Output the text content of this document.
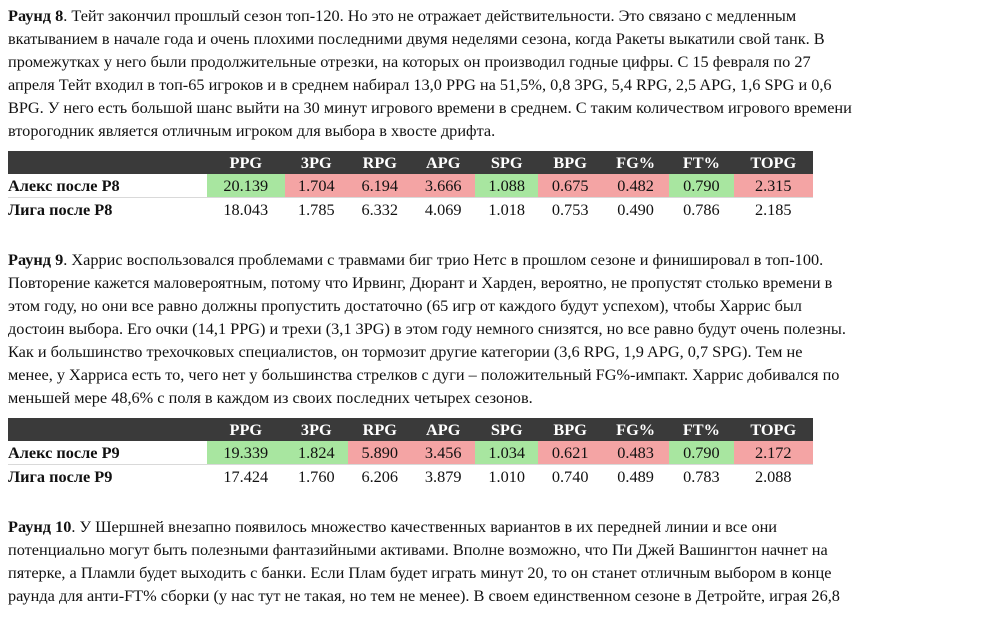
Раунд 8. Тейт закончил прошлый сезон топ-120. Но это не отражает действительности. Это связано с медленным
вкатыванием в начале года и очень плохими последними двумя неделями сезона, когда Ракеты выкатили свой танк. В
промежутках у него были продолжительные отрезки, на которых он производил годные цифры. С 15 февраля по 27
апреля Тейт входил в топ-65 игроков и в среднем набирал 13,0 PPG на 51,5%, 0,8 3PG, 5,4 RPG, 2,5 APG, 1,6 SPG и 0,6
BPG. У него есть большой шанс выйти на 30 минут игрового времени в среднем. С таким количеством игрового времени
второгодник является отличным игроком для выбора в хвосте дрифта.

	PPG	3PG	RPG	APG	SPG	BPG	FG%	FT%	TOPG
Алекс после Р8	20.139	1.704	6.194	3.666	1.088	0.675	0.482	0.790	2.315
Лига после Р8	18.043	1.785	6.332	4.069	1.018	0.753	0.490	0.786	2.185

Раунд 9. Харрис воспользовался проблемами с травмами биг трио Нетс в прошлом сезоне и финишировал в топ-100.
Повторение кажется маловероятным, потому что Ирвинг, Дюрант и Харден, вероятно, не пропустят столько времени в
этом году, но они все равно должны пропустить достаточно (65 игр от каждого будут успехом), чтобы Харрис был
достоин выбора. Его очки (14,1 PPG) и трехи (3,1 3PG) в этом году немного снизятся, но все равно будут очень полезны.
Как и большинство трехочковых специалистов, он тормозит другие категории (3,6 RPG, 1,9 APG, 0,7 SPG). Тем не
менее, у Харриса есть то, чего нет у большинства стрелков с дуги – положительный FG%-импакт. Харрис добивался по
меньшей мере 48,6% с поля в каждом из своих последних четырех сезонов.

	PPG	3PG	RPG	APG	SPG	BPG	FG%	FT%	TOPG
Алекс после Р9	19.339	1.824	5.890	3.456	1.034	0.621	0.483	0.790	2.172
Лига после Р9	17.424	1.760	6.206	3.879	1.010	0.740	0.489	0.783	2.088

Раунд 10. У Шершней внезапно появилось множество качественных вариантов в их передней линии и все они
потенциально могут быть полезными фантазийными активами. Вполне возможно, что Пи Джей Вашингтон начнет на
пятерке, а Пламли будет выходить с банки. Если Плам будет играть минут 20, то он станет отличным выбором в конце
раунда для анти-FT% сборки (у нас тут не такая, но тем не менее). В своем единственном сезоне в Детройте, играя 26,8
